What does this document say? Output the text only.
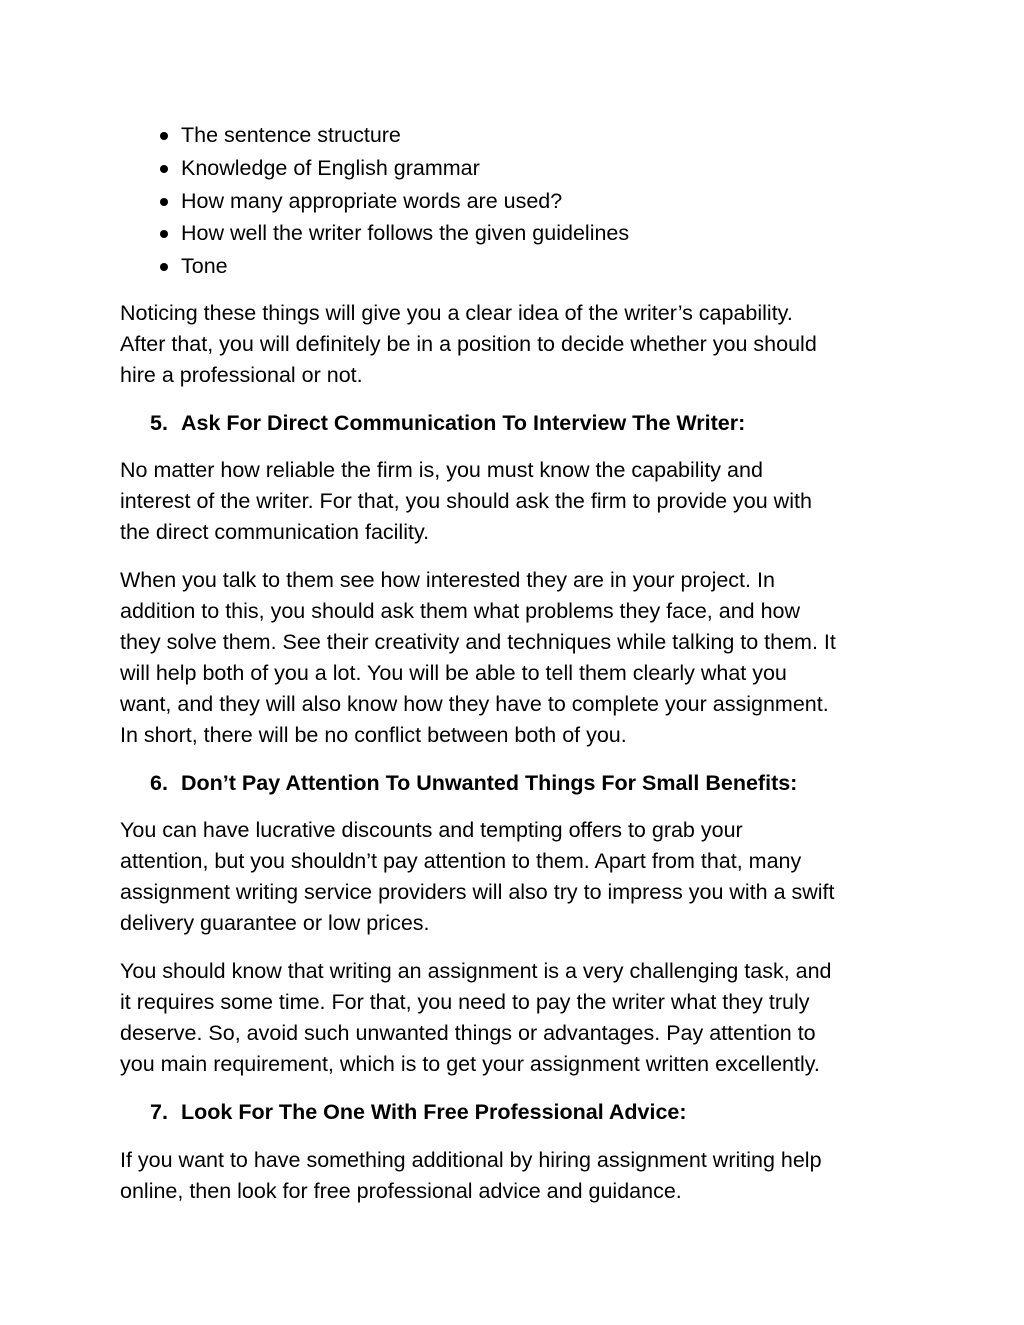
The sentence structure
Knowledge of English grammar
How many appropriate words are used?
How well the writer follows the given guidelines
Tone

Noticing these things will give you a clear idea of the writer’s capability.
After that, you will definitely be in a position to decide whether you should
hire a professional or not.

5. Ask For Direct Communication To Interview The Writer:

No matter how reliable the firm is, you must know the capability and
interest of the writer. For that, you should ask the firm to provide you with
the direct communication facility.

When you talk to them see how interested they are in your project. In
addition to this, you should ask them what problems they face, and how
they solve them. See their creativity and techniques while talking to them. It
will help both of you a lot. You will be able to tell them clearly what you
want, and they will also know how they have to complete your assignment.
In short, there will be no conflict between both of you.

6. Don’t Pay Attention To Unwanted Things For Small Benefits:

You can have lucrative discounts and tempting offers to grab your
attention, but you shouldn’t pay attention to them. Apart from that, many
assignment writing service providers will also try to impress you with a swift
delivery guarantee or low prices.

You should know that writing an assignment is a very challenging task, and
it requires some time. For that, you need to pay the writer what they truly
deserve. So, avoid such unwanted things or advantages. Pay attention to
you main requirement, which is to get your assignment written excellently.

7. Look For The One With Free Professional Advice:

If you want to have something additional by hiring assignment writing help
online, then look for free professional advice and guidance.
